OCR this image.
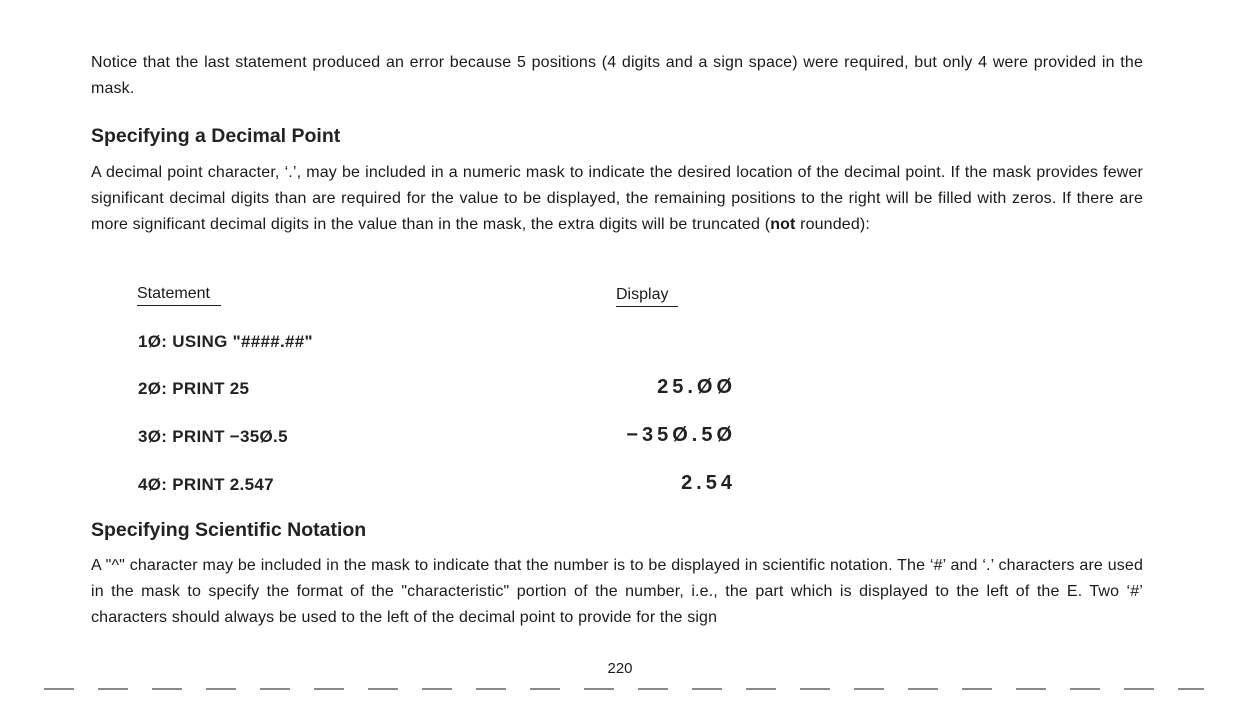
Notice that the last statement produced an error because 5 positions (4 digits and a sign space) were required, but only 4 were provided in the mask.
Specifying a Decimal Point
A decimal point character, ‘.’, may be included in a numeric mask to indicate the desired location of the decimal point. If the mask provides fewer significant decimal digits than are required for the value to be displayed, the remaining positions to the right will be filled with zeros. If there are more significant decimal digits in the value than in the mask, the extra digits will be truncated (not rounded):
Statement	Display
1Ø: USING "####.##"
2Ø: PRINT 25	25.ØØ
3Ø: PRINT −35Ø.5	−35Ø.5Ø
4Ø: PRINT 2.547	2.54
Specifying Scientific Notation
A "^" character may be included in the mask to indicate that the number is to be displayed in scientific notation. The ‘#’ and ‘.’ characters are used in the mask to specify the format of the "characteristic" portion of the number, i.e., the part which is displayed to the left of the E. Two ‘#’ characters should always be used to the left of the decimal point to provide for the sign
220
